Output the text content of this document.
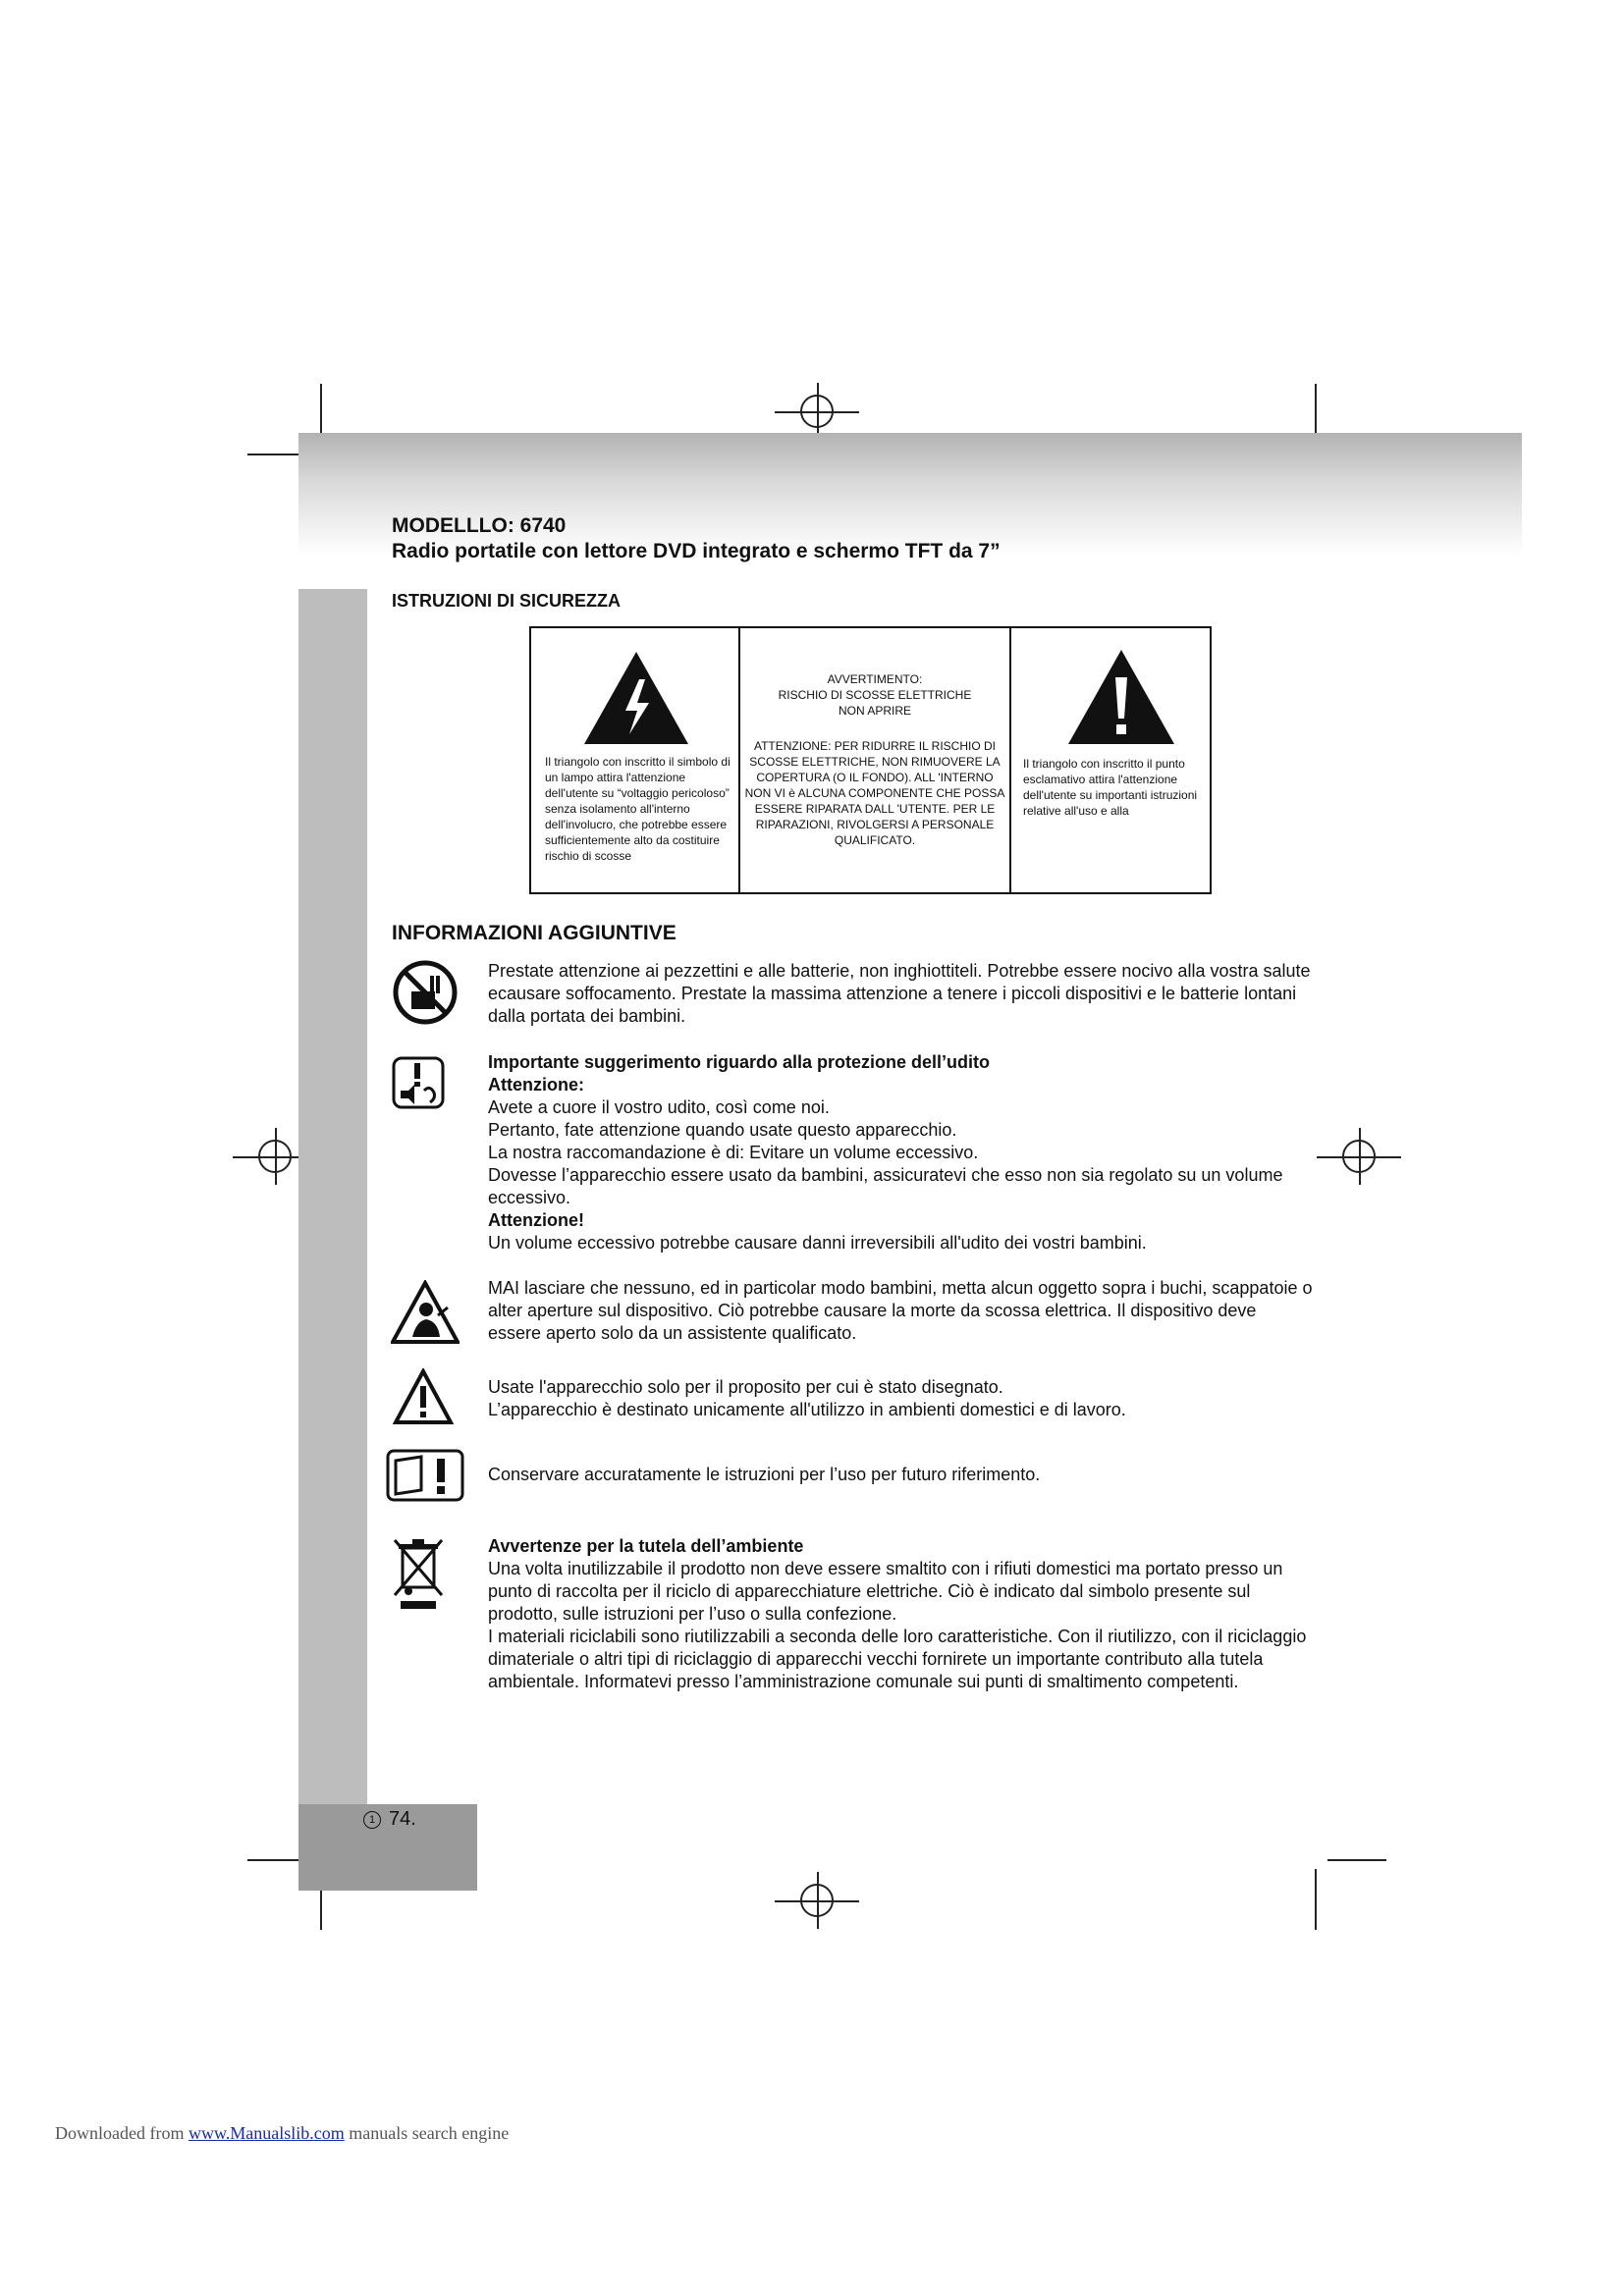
1 74.
MODELLLO: 6740
Radio portatile con lettore DVD integrato e schermo TFT da 7”
ISTRUZIONI DI SICUREZZA
Il triangolo con inscritto il simbolo di un lampo attira l'attenzione dell'utente su “voltaggio pericoloso” senza isolamento all'interno dell'involucro, che potrebbe essere sufficientemente alto da costituire rischio di scosse
AVVERTIMENTO:
RISCHIO DI SCOSSE ELETTRICHE
NON APRIRE
ATTENZIONE: PER RIDURRE IL RISCHIO DI SCOSSE ELETTRICHE, NON RIMUOVERE LA COPERTURA (O IL FONDO). ALL 'INTERNO NON VI è ALCUNA COMPONENTE CHE POSSA ESSERE RIPARATA DALL 'UTENTE. PER LE RIPARAZIONI, RIVOLGERSI A PERSONALE QUALIFICATO.
Il triangolo con inscritto il punto esclamativo attira l'attenzione dell'utente su importanti istruzioni relative all'uso e alla
INFORMAZIONI AGGIUNTIVE
Prestate attenzione ai pezzettini e alle batterie, non inghiottiteli. Potrebbe essere nocivo alla vostra salute ecausare soffocamento. Prestate la massima attenzione a tenere i piccoli dispositivi e le batterie lontani dalla portata dei bambini.
Importante suggerimento riguardo alla protezione dell’udito
Attenzione:
Avete a cuore il vostro udito, così come noi.
Pertanto, fate attenzione quando usate questo apparecchio.
La nostra raccomandazione è di: Evitare un volume eccessivo.
Dovesse l’apparecchio essere usato da bambini, assicuratevi che esso non sia regolato su un volume eccessivo.
Attenzione!
Un volume eccessivo potrebbe causare danni irreversibili all'udito dei vostri bambini.
MAI lasciare che nessuno, ed in particolar modo bambini, metta alcun oggetto sopra i buchi, scappatoie o alter aperture sul dispositivo. Ciò potrebbe causare la morte da scossa elettrica. Il dispositivo deve essere aperto solo da un assistente qualificato.
Usate l'apparecchio solo per il proposito per cui è stato disegnato.
L’apparecchio è destinato unicamente all'utilizzo in ambienti domestici e di lavoro.
Conservare accuratamente le istruzioni per l’uso per futuro riferimento.
Avvertenze per la tutela dell’ambiente
Una volta inutilizzabile il prodotto non deve essere smaltito con i rifiuti domestici ma portato presso un punto di raccolta per il riciclo di apparecchiature elettriche. Ciò è indicato dal simbolo presente sul prodotto, sulle istruzioni per l’uso o sulla confezione.
I materiali riciclabili sono riutilizzabili a seconda delle loro caratteristiche. Con il riutilizzo, con il riciclaggio dimateriale o altri tipi di riciclaggio di apparecchi vecchi fornirete un importante contributo alla tutela ambientale. Informatevi presso l’amministrazione comunale sui punti di smaltimento competenti.
Downloaded from www.Manualslib.com manuals search engine
